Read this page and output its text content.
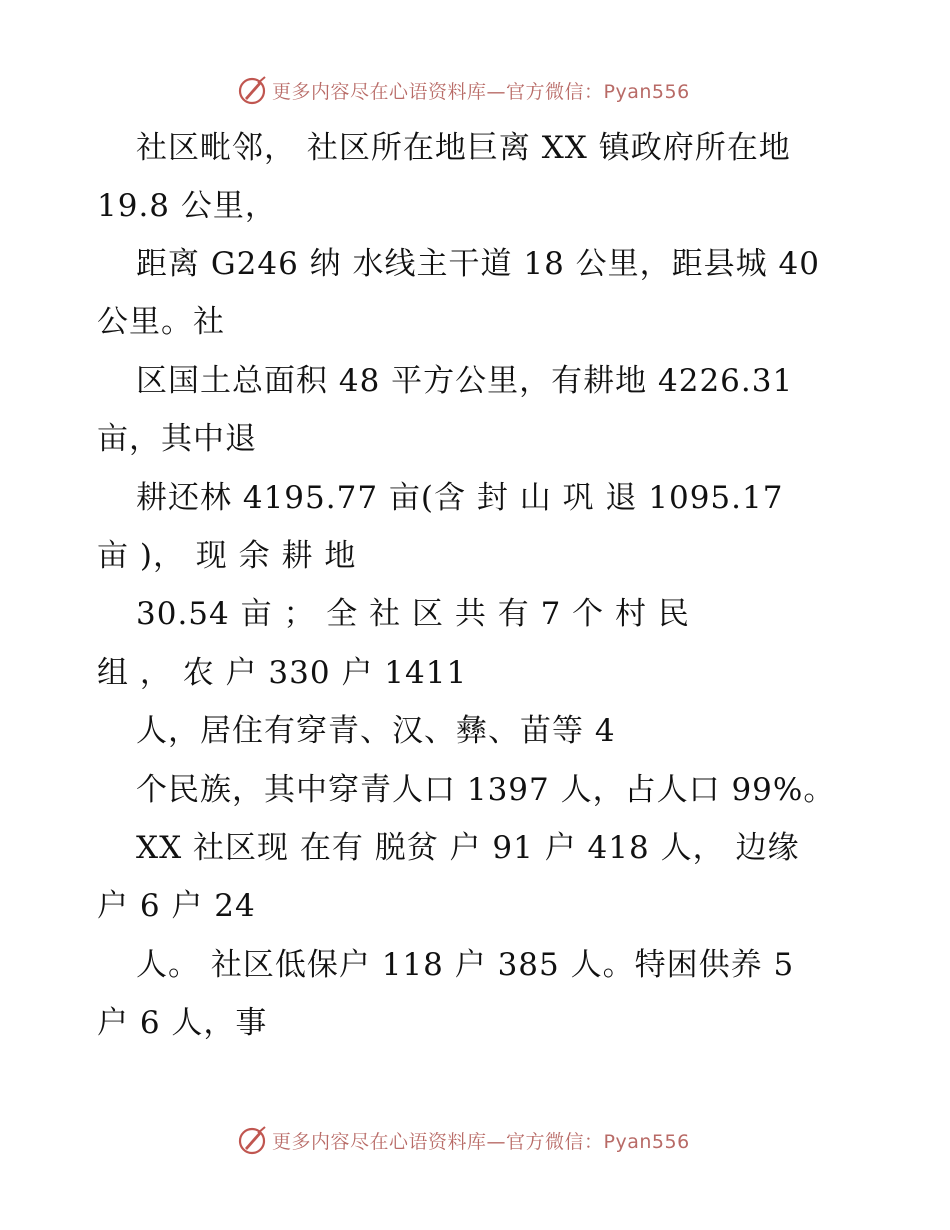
更多内容尽在心语资料库—官方微信：Pyan556
社区毗邻， 社区所在地巨离 XX 镇政府所在地
19.8 公里，
距离 G246 纳 水线主干道 18 公里，距县城 40
公里。社
区国土总面积 48 平方公里，有耕地 4226.31
亩，其中退
耕还林 4195.77 亩(含 封 山 巩 退 1095.17
亩 )， 现 余 耕 地
30.54 亩 ； 全 社 区 共 有 7 个 村 民
组 ， 农 户 330 户 1411
人，居住有穿青、汉、彝、苗等 4
个民族，其中穿青人口 1397 人，占人口 99%。
XX 社区现 在有 脱贫 户 91 户 418 人， 边缘
户 6 户 24
人。 社区低保户 118 户 385 人。特困供养 5
户 6 人，事
更多内容尽在心语资料库—官方微信：Pyan556
